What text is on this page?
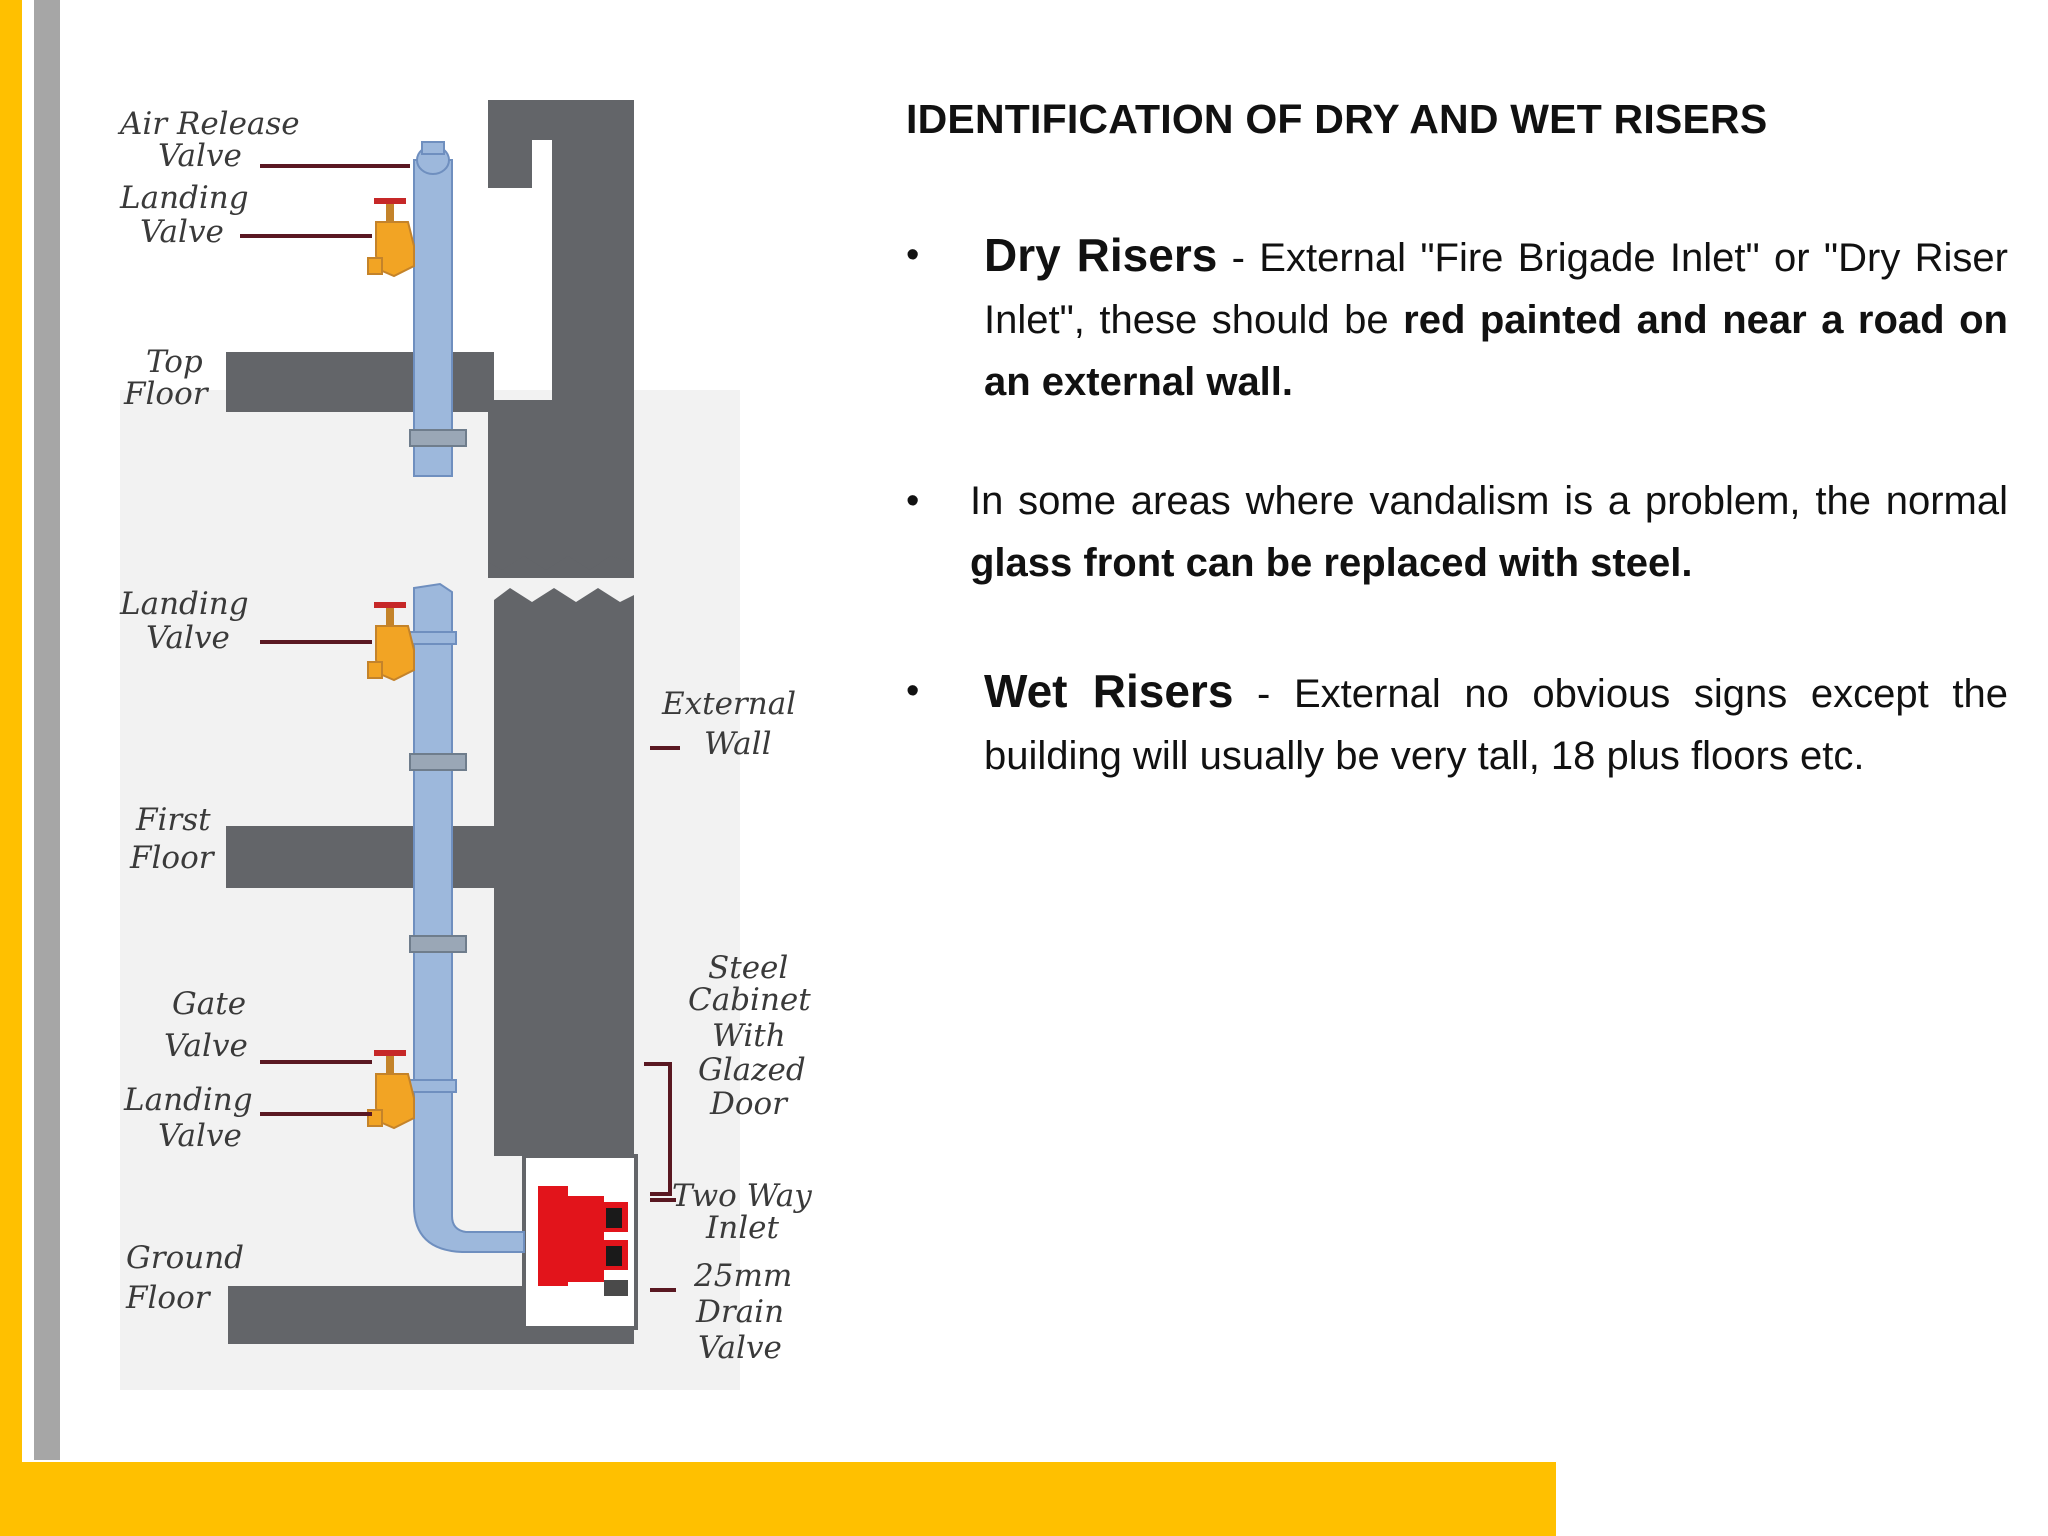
Air Release Valve
Landing Valve
Top Floor
Landing Valve
External Wall
First Floor
Gate Valve
Landing Valve
Ground Floor
Steel Cabinet With Glazed Door
Two Way Inlet
25mm Drain Valve
IDENTIFICATION OF DRY AND WET RISERS
• Dry Risers - External "Fire Brigade Inlet" or "Dry Riser Inlet", these should be red painted and near a road on an external wall.
• In some areas where vandalism is a problem, the normal glass front can be replaced with steel.
• Wet Risers - External no obvious signs except the building will usually be very tall, 18 plus floors etc.
